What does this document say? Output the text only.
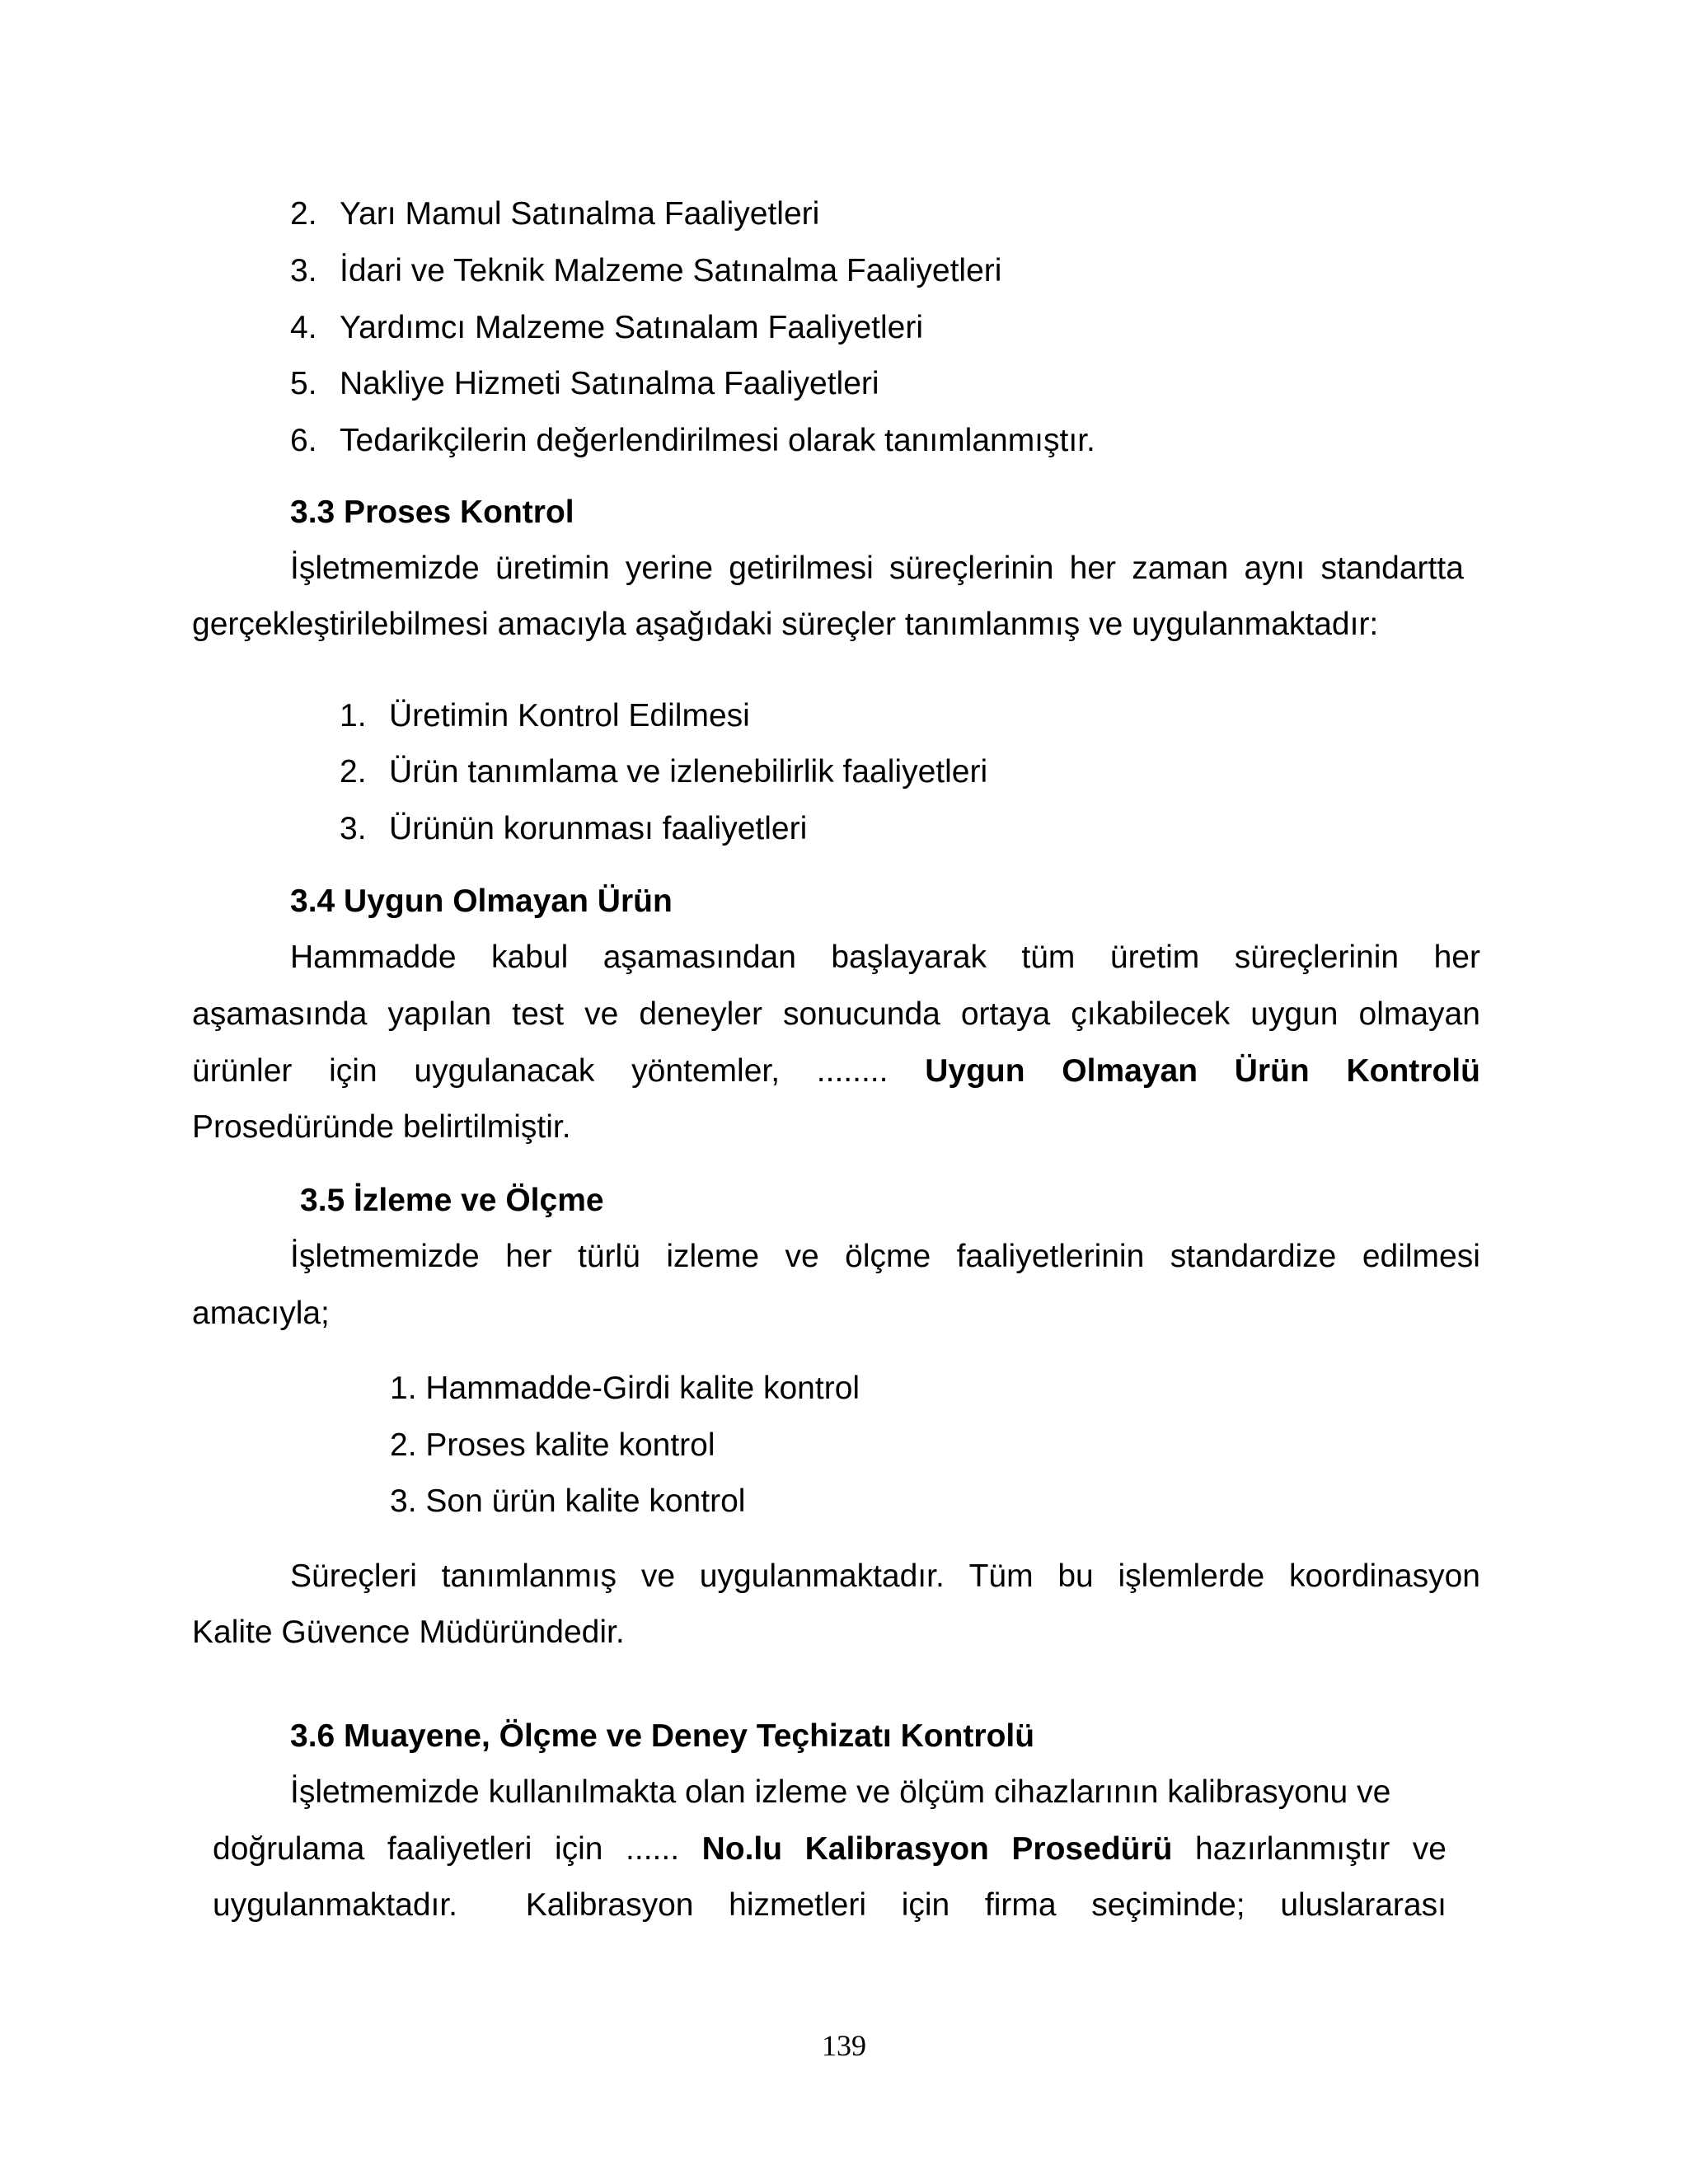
2. Yarı Mamul Satınalma Faaliyetleri
3. İdari ve Teknik Malzeme Satınalma Faaliyetleri
4. Yardımcı Malzeme Satınalam Faaliyetleri
5. Nakliye Hizmeti Satınalma Faaliyetleri
6. Tedarikçilerin değerlendirilmesi olarak tanımlanmıştır.
3.3 Proses Kontrol
İşletmemizde üretimin yerine getirilmesi süreçlerinin her zaman aynı standartta
gerçekleştirilebilmesi amacıyla aşağıdaki süreçler tanımlanmış ve uygulanmaktadır:
1. Üretimin Kontrol Edilmesi
2. Ürün tanımlama ve izlenebilirlik faaliyetleri
3. Ürünün korunması faaliyetleri
3.4 Uygun Olmayan Ürün
Hammadde kabul aşamasından başlayarak tüm üretim süreçlerinin her
aşamasında yapılan test ve deneyler sonucunda ortaya çıkabilecek uygun olmayan
ürünler için uygulanacak yöntemler, ........ Uygun Olmayan Ürün Kontrolü
Prosedüründe belirtilmiştir.
3.5 İzleme ve Ölçme
İşletmemizde her türlü izleme ve ölçme faaliyetlerinin standardize edilmesi
amacıyla;
1. Hammadde-Girdi kalite kontrol
2. Proses kalite kontrol
3. Son ürün kalite kontrol
Süreçleri tanımlanmış ve uygulanmaktadır. Tüm bu işlemlerde koordinasyon
Kalite Güvence Müdüründedir.
3.6 Muayene, Ölçme ve Deney Teçhizatı Kontrolü
İşletmemizde kullanılmakta olan izleme ve ölçüm cihazlarının kalibrasyonu ve
doğrulama faaliyetleri için ...... No.lu Kalibrasyon Prosedürü hazırlanmıştır ve
uygulanmaktadır. Kalibrasyon hizmetleri için firma seçiminde; uluslararası
139
